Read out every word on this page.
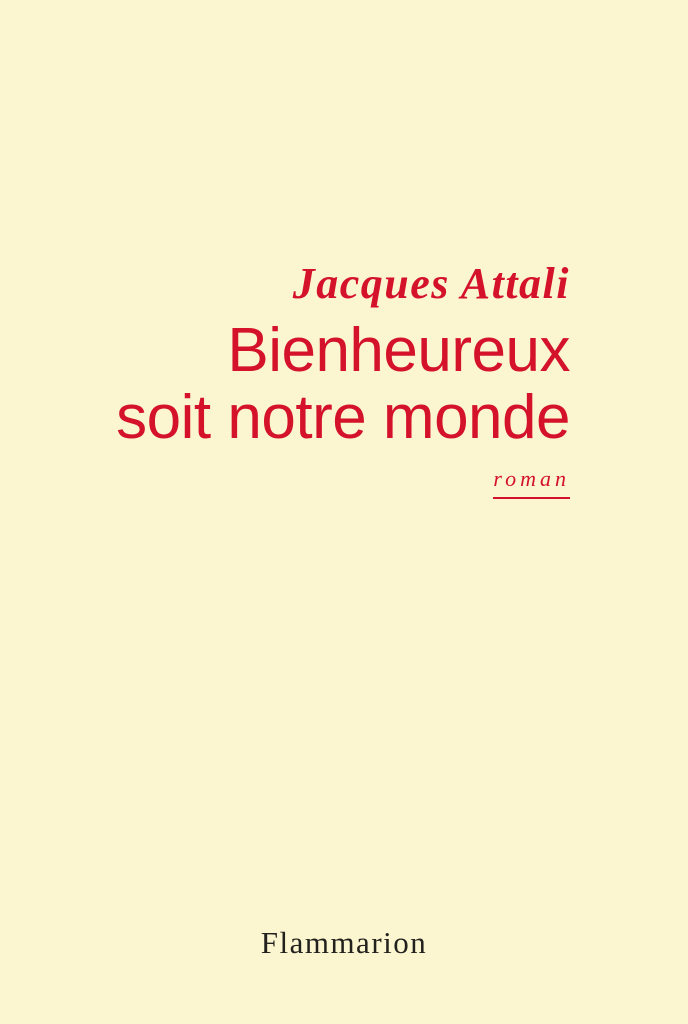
Jacques Attali
Bienheureux
soit notre monde
roman
Flammarion
